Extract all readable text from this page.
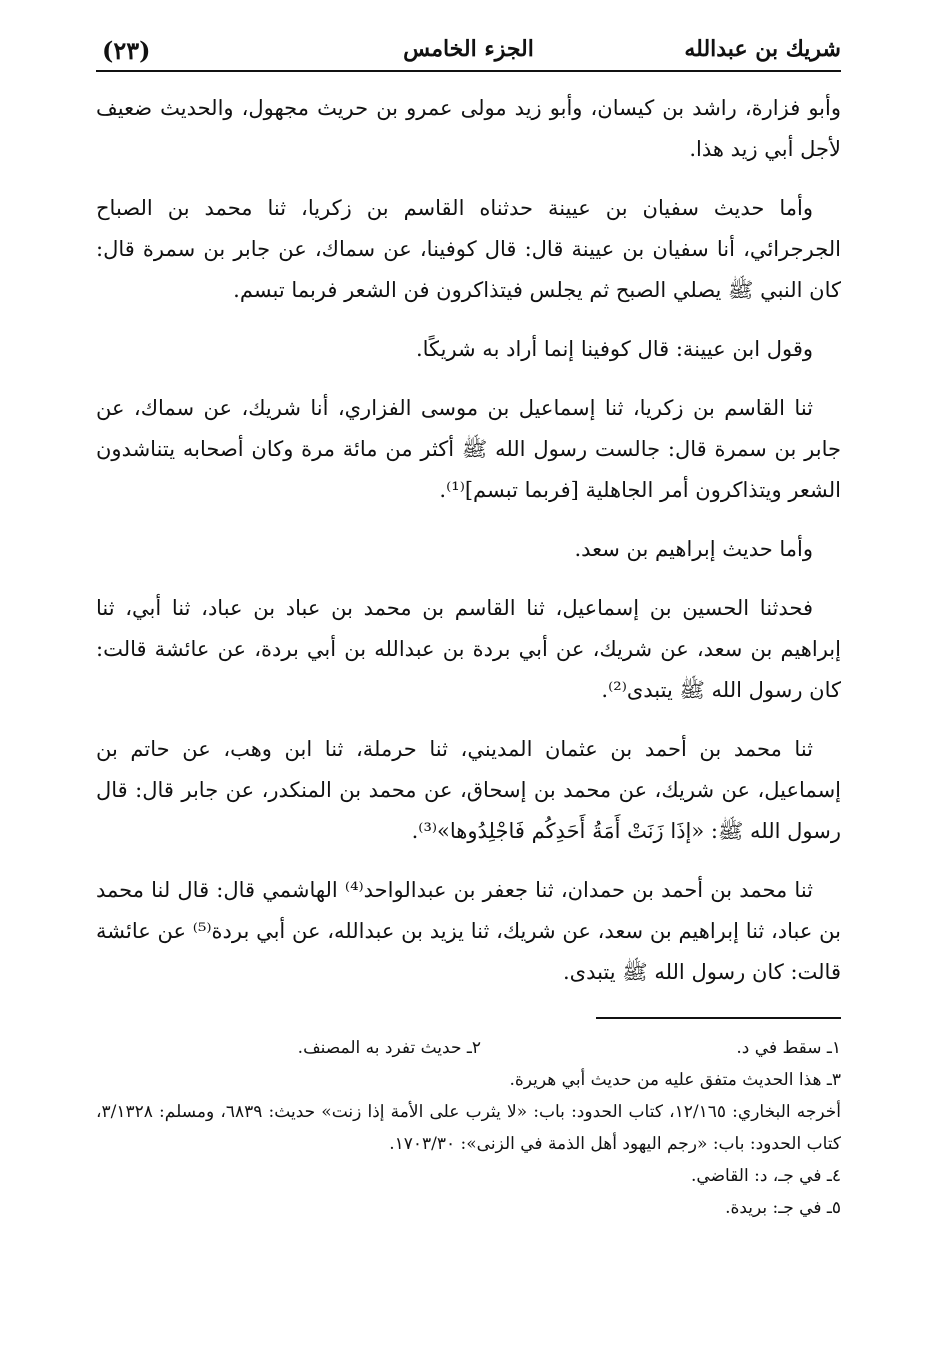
شريك بن عبدالله
الجزء الخامس
(٢٣)

وأبو فزارة، راشد بن كيسان، وأبو زيد مولى عمرو بن حريث مجهول، والحديث ضعيف لأجل أبي زيد هذا.

وأما حديث سفيان بن عيينة حدثناه القاسم بن زكريا، ثنا محمد بن الصباح الجرجرائي، أنا سفيان بن عيينة قال: قال كوفينا، عن سماك، عن جابر بن سمرة قال: كان النبي ﷺ يصلي الصبح ثم يجلس فيتذاكرون فن الشعر فربما تبسم.

وقول ابن عيينة: قال كوفينا إنما أراد به شريكًا.

ثنا القاسم بن زكريا، ثنا إسماعيل بن موسى الفزاري، أنا شريك، عن سماك، عن جابر بن سمرة قال: جالست رسول الله ﷺ أكثر من مائة مرة وكان أصحابه يتناشدون الشعر ويتذاكرون أمر الجاهلية [فربما تبسم]⁽¹⁾.

وأما حديث إبراهيم بن سعد.

فحدثنا الحسين بن إسماعيل، ثنا القاسم بن محمد بن عباد بن عباد، ثنا أبي، ثنا إبراهيم بن سعد، عن شريك، عن أبي بردة بن عبدالله بن أبي بردة، عن عائشة قالت: كان رسول الله ﷺ يتبدى⁽²⁾.

ثنا محمد بن أحمد بن عثمان المديني، ثنا حرملة، ثنا ابن وهب، عن حاتم بن إسماعيل، عن شريك، عن محمد بن إسحاق، عن محمد بن المنكدر، عن جابر قال: قال رسول الله ﷺ: «إذَا زَنَتْ أَمَةُ أَحَدِكُم فَاجْلِدُوها»⁽³⁾.

ثنا محمد بن أحمد بن حمدان، ثنا جعفر بن عبدالواحد⁽⁴⁾ الهاشمي قال: قال لنا محمد بن عباد، ثنا إبراهيم بن سعد، عن شريك، ثنا يزيد بن عبدالله، عن أبي بردة⁽⁵⁾ عن عائشة قالت: كان رسول الله ﷺ يتبدى.

١ـ سقط في د.
٢ـ حديث تفرد به المصنف.

٣ـ هذا الحديث متفق عليه من حديث أبي هريرة.

أخرجه البخاري: ١٢/١٦٥، كتاب الحدود: باب: «لا يثرب على الأمة إذا زنت» حديث: ٦٨٣٩، ومسلم: ٣/١٣٢٨، كتاب الحدود: باب: «رجم اليهود أهل الذمة في الزنى»: ١٧٠٣/٣٠.

٤ـ في جـ، د: القاضي.

٥ـ في جـ: بريدة.
